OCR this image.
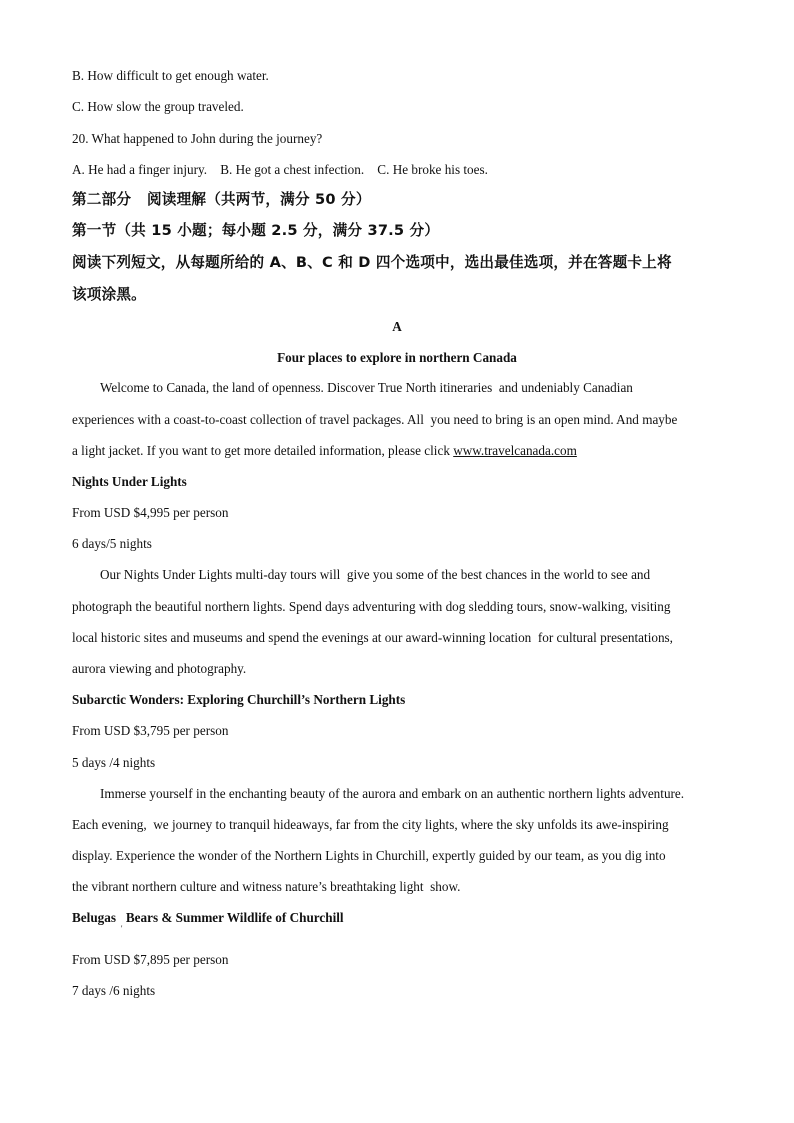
B. How difficult to get enough water.
C. How slow the group traveled.
20. What happened to John during the journey?
A. He had a finger injury.    B. He got a chest infection.    C. He broke his toes.
第二部分   阅读理解（共两节，满分 50 分）
第一节（共 15 小题；每小题 2.5 分，满分 37.5 分）
阅读下列短文，从每题所给的 A、B、C 和 D 四个选项中，选出最佳选项，并在答题卡上将
该项涂黑。
A
Four places to explore in northern Canada
Welcome to Canada, the land of openness. Discover True North itineraries  and undeniably Canadian
experiences with a coast-to-coast collection of travel packages. All  you need to bring is an open mind. And maybe
a light jacket. If you want to get more detailed information, please click www.travelcanada.com
Nights Under Lights
From USD $4,995 per person
6 days/5 nights
Our Nights Under Lights multi-day tours will  give you some of the best chances in the world to see and
photograph the beautiful northern lights. Spend days adventuring with dog sledding tours, snow-walking, visiting
local historic sites and museums and spend the evenings at our award-winning location  for cultural presentations,
aurora viewing and photography.
Subarctic Wonders: Exploring Churchill’s Northern Lights
From USD $3,795 per person
5 days /4 nights
Immerse yourself in the enchanting beauty of the aurora and embark on an authentic northern lights adventure.
Each evening,  we journey to tranquil hideaways, far from the city lights, where the sky unfolds its awe-inspiring
display. Experience the wonder of the Northern Lights in Churchill, expertly guided by our team, as you dig into
the vibrant northern culture and witness nature’s breathtaking light  show.
Belugas   Bears & Summer Wildlife of Churchill
'
From USD $7,895 per person
7 days /6 nights
